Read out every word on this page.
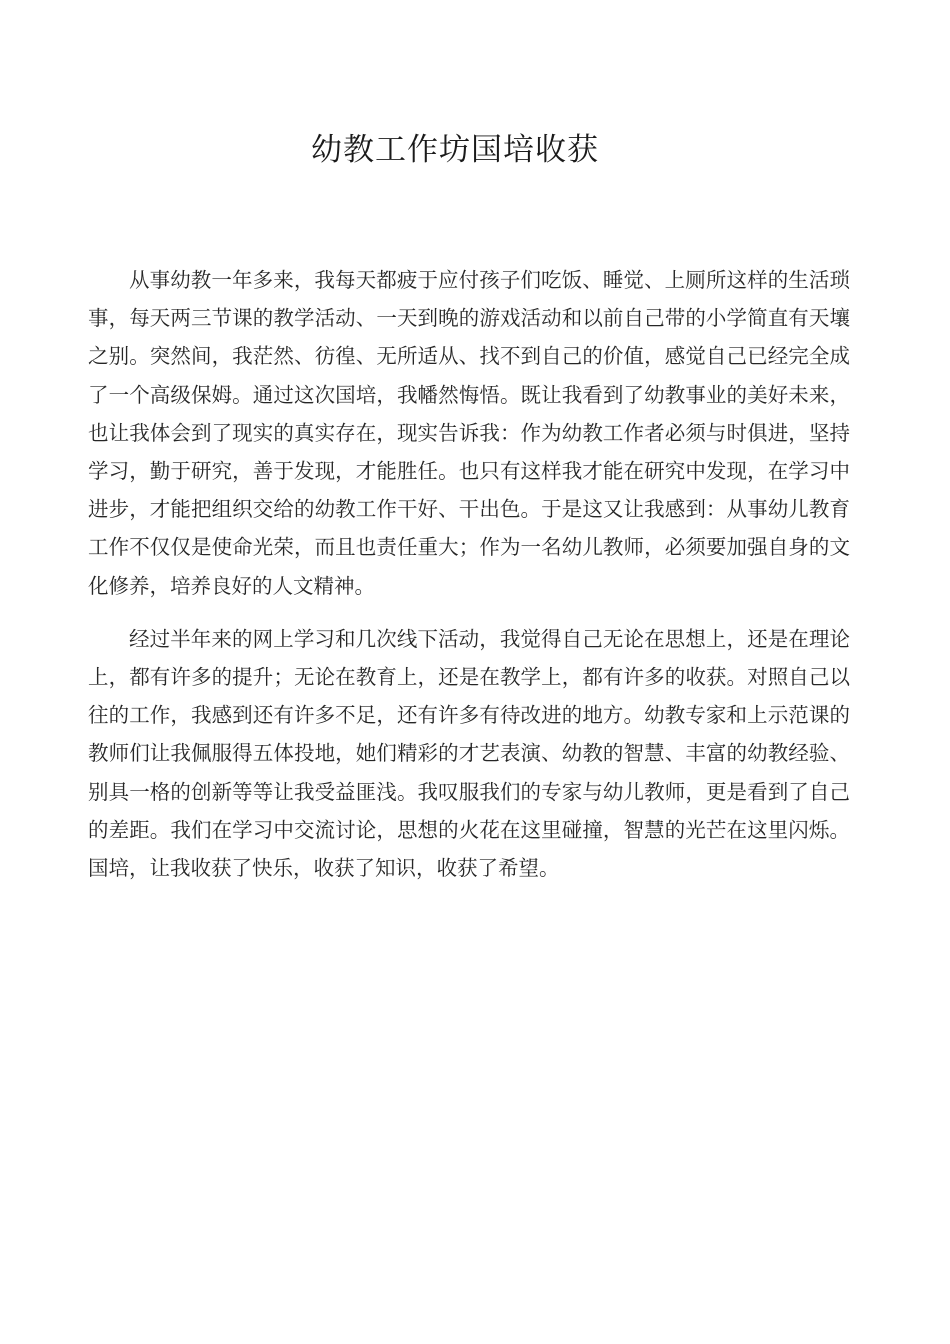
幼教工作坊国培收获

从事幼教一年多来，我每天都疲于应付孩子们吃饭、睡觉、上厕所这样的生活琐事，每天两三节课的教学活动、一天到晚的游戏活动和以前自己带的小学简直有天壤之别。突然间，我茫然、彷徨、无所适从、找不到自己的价值，感觉自己已经完全成了一个高级保姆。通过这次国培，我幡然悔悟。既让我看到了幼教事业的美好未来，也让我体会到了现实的真实存在，现实告诉我：作为幼教工作者必须与时俱进，坚持学习，勤于研究，善于发现，才能胜任。也只有这样我才能在研究中发现，在学习中进步，才能把组织交给的幼教工作干好、干出色。于是这又让我感到：从事幼儿教育工作不仅仅是使命光荣，而且也责任重大；作为一名幼儿教师，必须要加强自身的文化修养，培养良好的人文精神。

经过半年来的网上学习和几次线下活动，我觉得自己无论在思想上，还是在理论上，都有许多的提升；无论在教育上，还是在教学上，都有许多的收获。对照自己以往的工作，我感到还有许多不足，还有许多有待改进的地方。幼教专家和上示范课的教师们让我佩服得五体投地，她们精彩的才艺表演、幼教的智慧、丰富的幼教经验、别具一格的创新等等让我受益匪浅。我叹服我们的专家与幼儿教师，更是看到了自己的差距。我们在学习中交流讨论，思想的火花在这里碰撞，智慧的光芒在这里闪烁。国培，让我收获了快乐，收获了知识，收获了希望。
